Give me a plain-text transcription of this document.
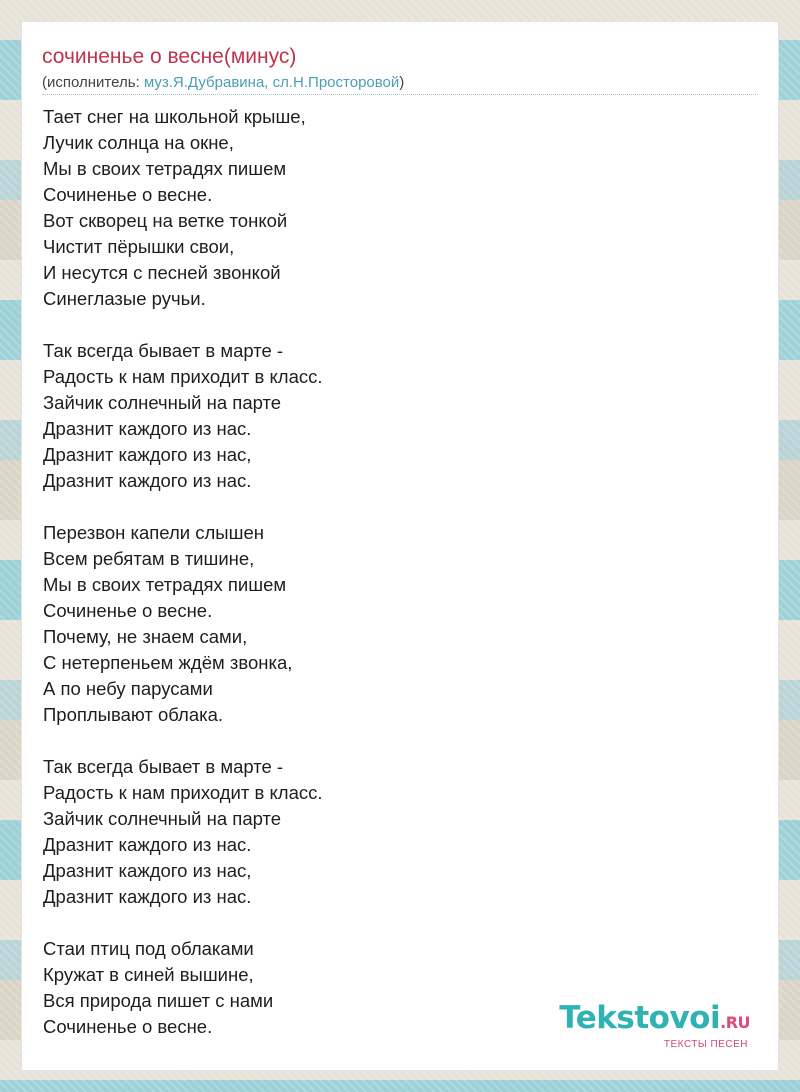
сочиненье о весне(минус)
(исполнитель: муз.Я.Дубравина, сл.Н.Просторовой)
Тает снег на школьной крыше,
Лучик солнца на окне,
Мы в своих тетрадях пишем
Сочиненье о весне.
Вот скворец на ветке тонкой
Чистит пёрышки свои,
И несутся с песней звонкой
Синеглазые ручьи.
Так всегда бывает в марте -
Радость к нам приходит в класс.
Зайчик солнечный на парте
Дразнит каждого из нас.
Дразнит каждого из нас,
Дразнит каждого из нас.
Перезвон капели слышен
Всем ребятам в тишине,
Мы в своих тетрадях пишем
Сочиненье о весне.
Почему, не знаем сами,
С нетерпеньем ждём звонка,
А по небу парусами
Проплывают облака.
Так всегда бывает в марте -
Радость к нам приходит в класс.
Зайчик солнечный на парте
Дразнит каждого из нас.
Дразнит каждого из нас,
Дразнит каждого из нас.
Стаи птиц под облаками
Кружат в синей вышине,
Вся природа пишет с нами
Сочиненье о весне.	Tekstovoi.RU
ТЕКСТЫ ПЕСЕН
